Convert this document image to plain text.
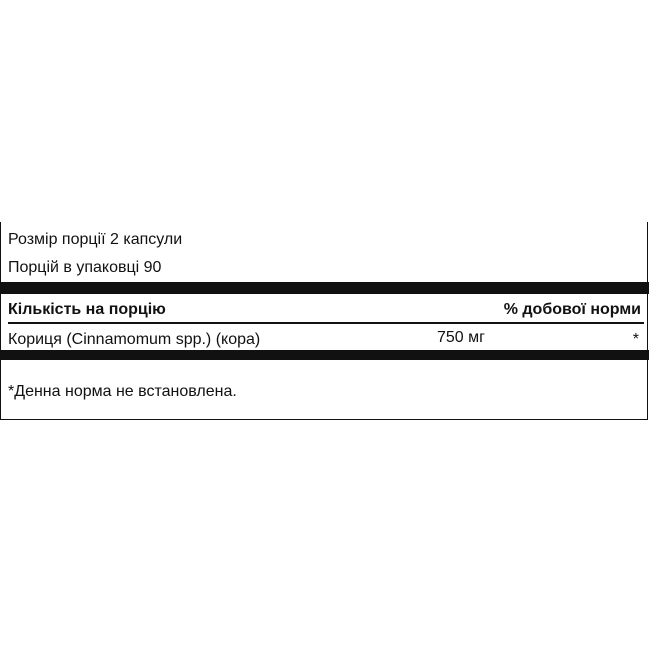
Розмір порції 2 капсули
Порцій в упаковці 90
Кількість на порцію	% добової норми
Кориця (Cinnamomum spp.) (кора)	750 мг	*
*Денна норма не встановлена.
